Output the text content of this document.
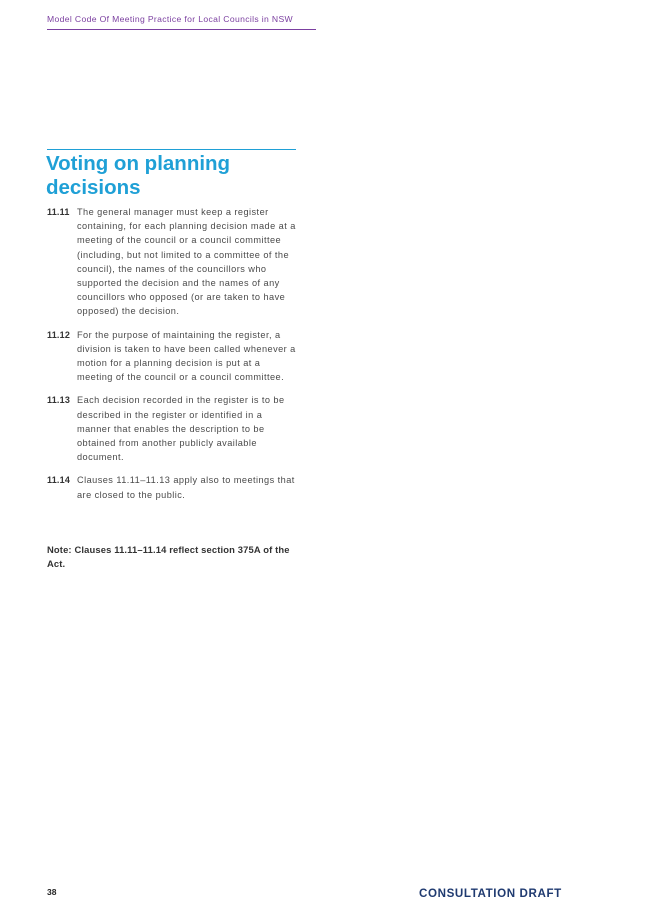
Model Code Of Meeting Practice for Local Councils in NSW
Voting on planning decisions
11.11 The general manager must keep a register containing, for each planning decision made at a meeting of the council or a council committee (including, but not limited to a committee of the council), the names of the councillors who supported the decision and the names of any councillors who opposed (or are taken to have opposed) the decision.

11.12 For the purpose of maintaining the register, a division is taken to have been called whenever a motion for a planning decision is put at a meeting of the council or a council committee.

11.13 Each decision recorded in the register is to be described in the register or identified in a manner that enables the description to be obtained from another publicly available document.

11.14 Clauses 11.11–11.13 apply also to meetings that are closed to the public.

Note: Clauses 11.11–11.14 reflect section 375A of the Act.

38	CONSULTATION DRAFT
